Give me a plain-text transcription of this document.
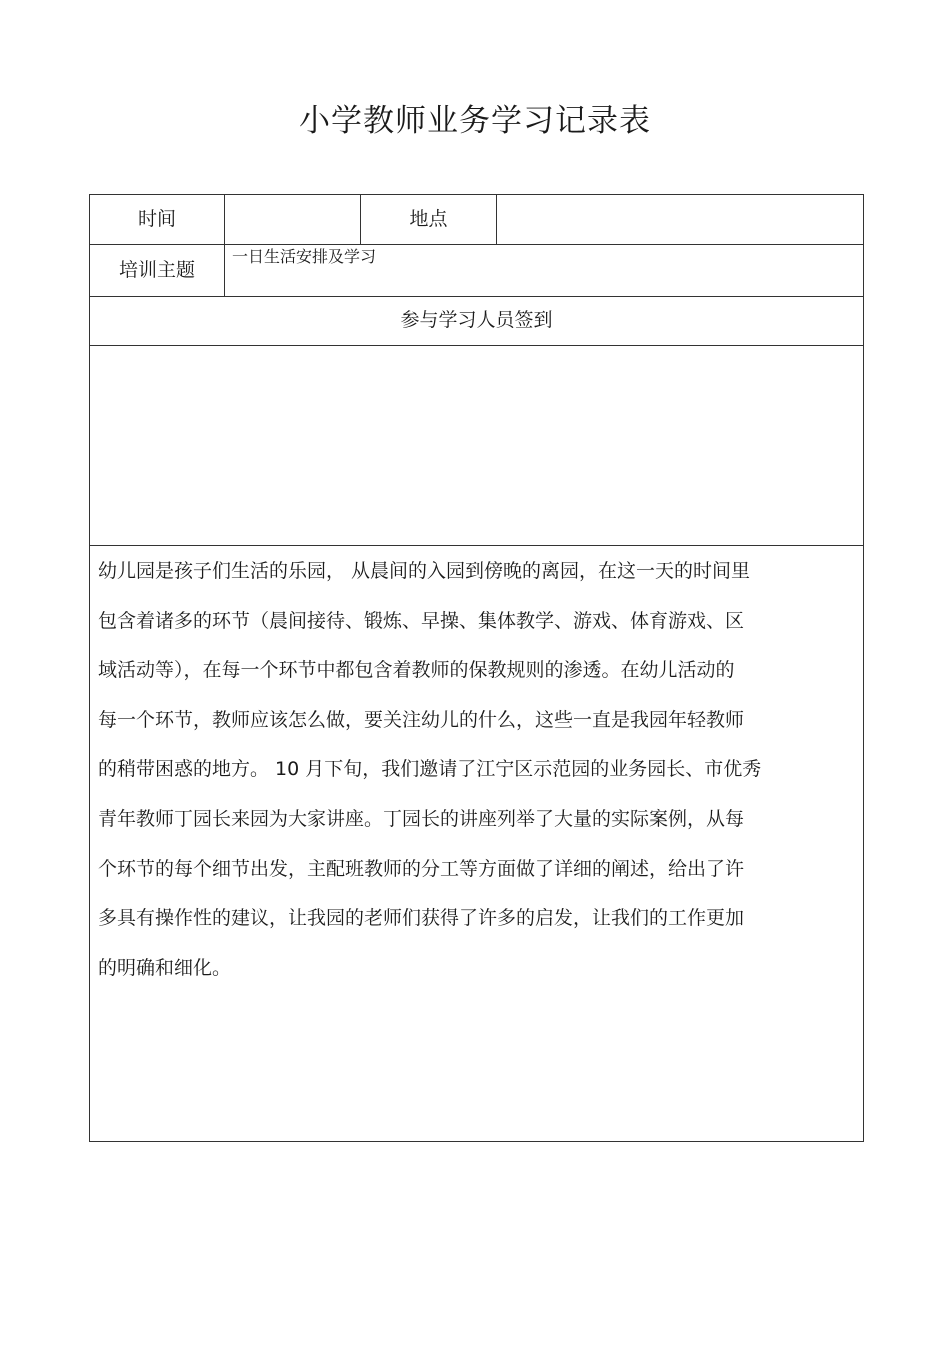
小学教师业务学习记录表
时间	地点
培训主题
一日生活安排及学习
参与学习人员签到
幼儿园是孩子们生活的乐园， 从晨间的入园到傍晚的离园，在这一天的时间里
包含着诸多的环节（晨间接待、锻炼、早操、集体教学、游戏、体育游戏、区
域活动等），在每一个环节中都包含着教师的保教规则的渗透。在幼儿活动的
每一个环节，教师应该怎么做，要关注幼儿的什么，这些一直是我园年轻教师
的稍带困惑的地方。 10 月下旬，我们邀请了江宁区示范园的业务园长、市优秀
青年教师丁园长来园为大家讲座。丁园长的讲座列举了大量的实际案例，从每
个环节的每个细节出发，主配班教师的分工等方面做了详细的阐述，给出了许
多具有操作性的建议，让我园的老师们获得了许多的启发，让我们的工作更加
的明确和细化。
